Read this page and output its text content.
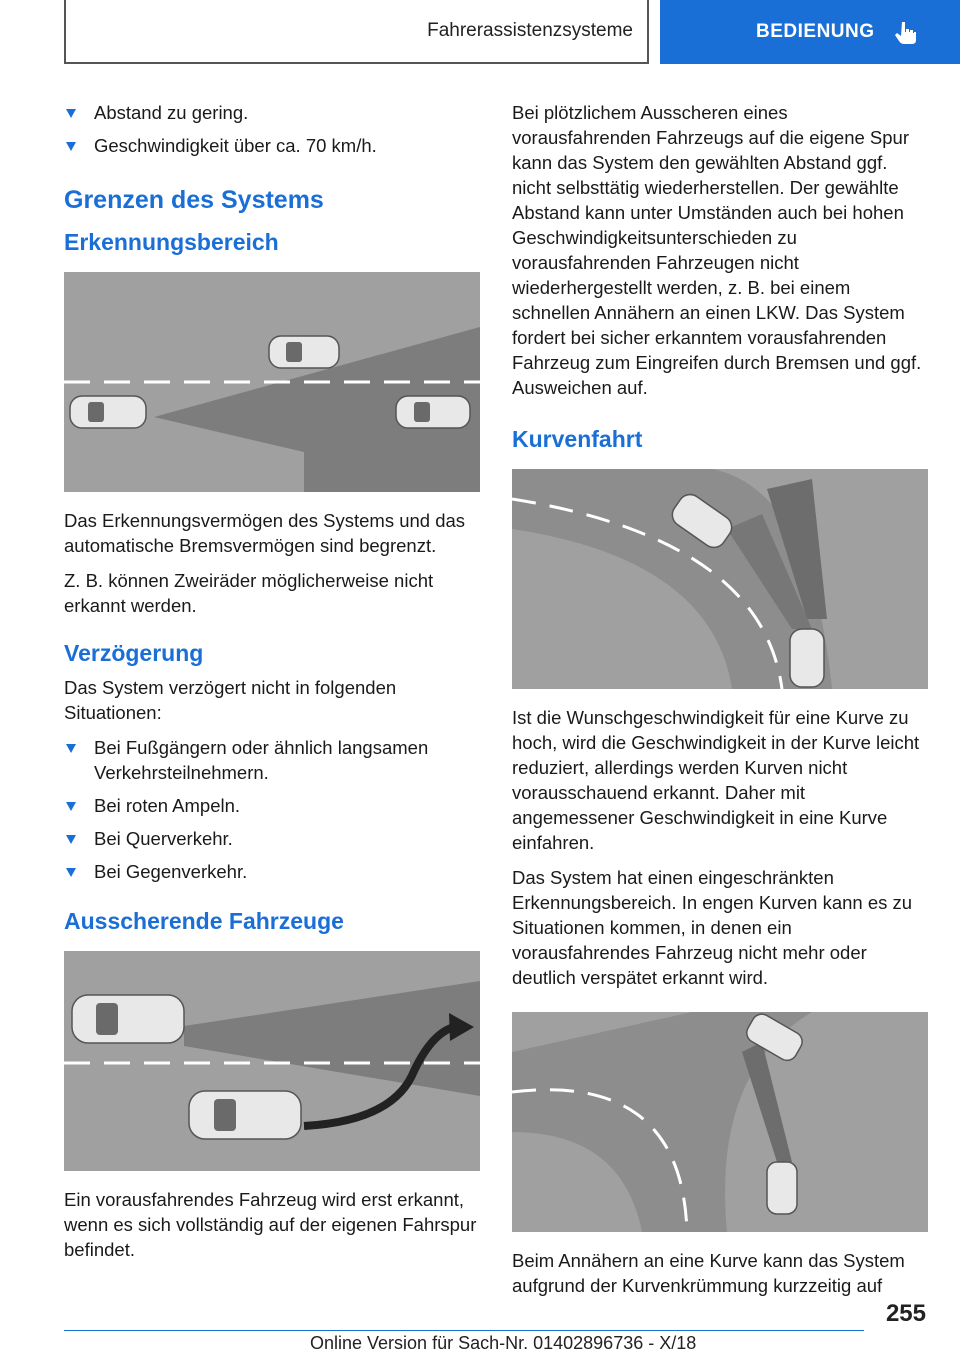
Fahrerassistenzsysteme	BEDIENUNG
Abstand zu gering.
Geschwindigkeit über ca. 70 km/h.
Grenzen des Systems
Erkennungsbereich

Das Erkennungsvermögen des Systems und das automatische Bremsvermögen sind begrenzt.

Z. B. können Zweiräder möglicherweise nicht erkannt werden.

Verzögerung

Das System verzögert nicht in folgenden Situationen:

Bei Fußgängern oder ähnlich langsamen Verkehrsteilnehmern.
Bei roten Ampeln.
Bei Querverkehr.
Bei Gegenverkehr.
Ausscherende Fahrzeuge

Ein vorausfahrendes Fahrzeug wird erst erkannt, wenn es sich vollständig auf der eigenen Fahrspur befindet.

Bei plötzlichem Ausscheren eines vorausfahrenden Fahrzeugs auf die eigene Spur kann das System den gewählten Abstand ggf. nicht selbsttätig wiederherstellen. Der gewählte Abstand kann unter Umständen auch bei hohen Geschwindigkeitsunterschieden zu vorausfahrenden Fahrzeugen nicht wiederhergestellt werden, z. B. bei einem schnellen Annähern an einen LKW. Das System fordert bei sicher erkanntem vorausfahrenden Fahrzeug zum Eingreifen durch Bremsen und ggf. Ausweichen auf.

Kurvenfahrt

Ist die Wunschgeschwindigkeit für eine Kurve zu hoch, wird die Geschwindigkeit in der Kurve leicht reduziert, allerdings werden Kurven nicht vorausschauend erkannt. Daher mit angemessener Geschwindigkeit in eine Kurve einfahren.

Das System hat einen eingeschränkten Erkennungsbereich. In engen Kurven kann es zu Situationen kommen, in denen ein vorausfahrendes Fahrzeug nicht mehr oder deutlich verspätet erkannt wird.

Beim Annähern an eine Kurve kann das System aufgrund der Kurvenkrümmung kurzzeitig auf

255
Online Version für Sach-Nr. 01402896736 - X/18
